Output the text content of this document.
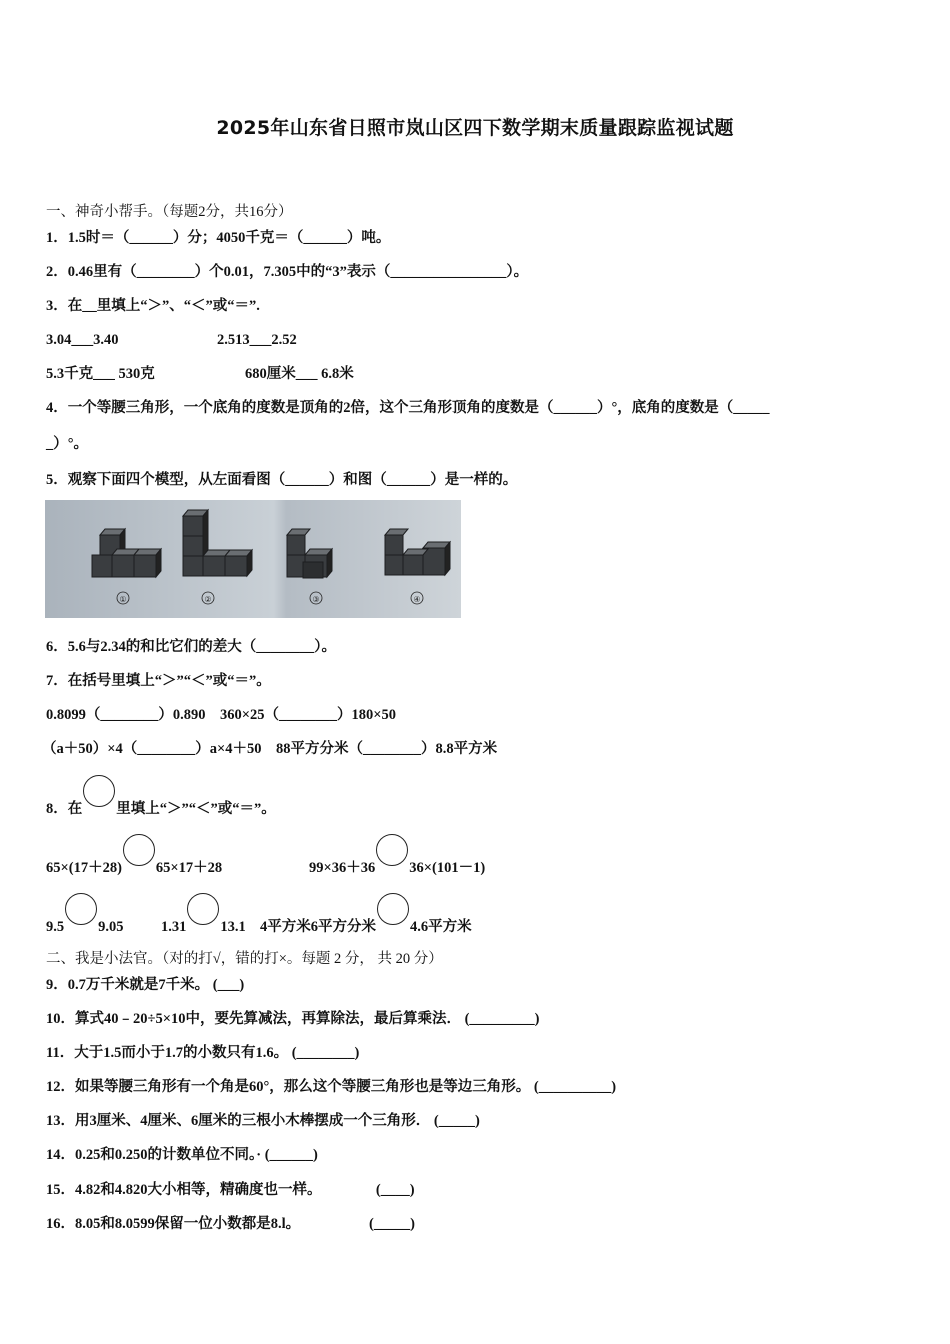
2025年山东省日照市岚山区四下数学期末质量跟踪监视试题
一、神奇小帮手。（每题2分，共16分）
1．1.5时＝（______）分；4050千克＝（______）吨。
2．0.46里有（________）个0.01，7.305中的“3”表示（________________）。
3．在__里填上“＞”、“＜”或“＝”.
3.04___3.40	2.513___2.52
5.3千克___ 530克	680厘米___ 6.8米
4．一个等腰三角形，一个底角的度数是顶角的2倍，这个三角形顶角的度数是（______）°，底角的度数是（_____
_）°。
5．观察下面四个模型，从左面看图（______）和图（______）是一样的。
①	②	③	④
6．5.6与2.34的和比它们的差大（________）。
7．在括号里填上“＞”“＜”或“＝”。
0.8099（________）0.890　360×25（________）180×50
（a＋50）×4（________）a×4＋50　88平方分米（________）8.8平方米
8．在 里填上“＞”“＜”或“＝”。
65×(17＋28) 65×17＋28	99×36＋36 36×(101－1)
9.5 9.05	1.31 13.1 4平方米6平方分米 4.6平方米
二、我是小法官。（对的打√，错的打×。每题 2 分， 共 20 分）
9．0.7万千米就是7千米。 (___)
10．算式40﹣20÷5×10中，要先算减法，再算除法，最后算乘法． (_________)
11．大于1.5而小于1.7的小数只有1.6。 (________)
12．如果等腰三角形有一个角是60°，那么这个等腰三角形也是等边三角形。 (__________)
13．用3厘米、4厘米、6厘米的三根小木棒摆成一个三角形． (_____)
14．0.25和0.250的计数单位不同。· (______)
15．4.82和4.820大小相等，精确度也一样。　　　　 (____)
16．8.05和8.0599保留一位小数都是8.l。　　　　　 (_____)
